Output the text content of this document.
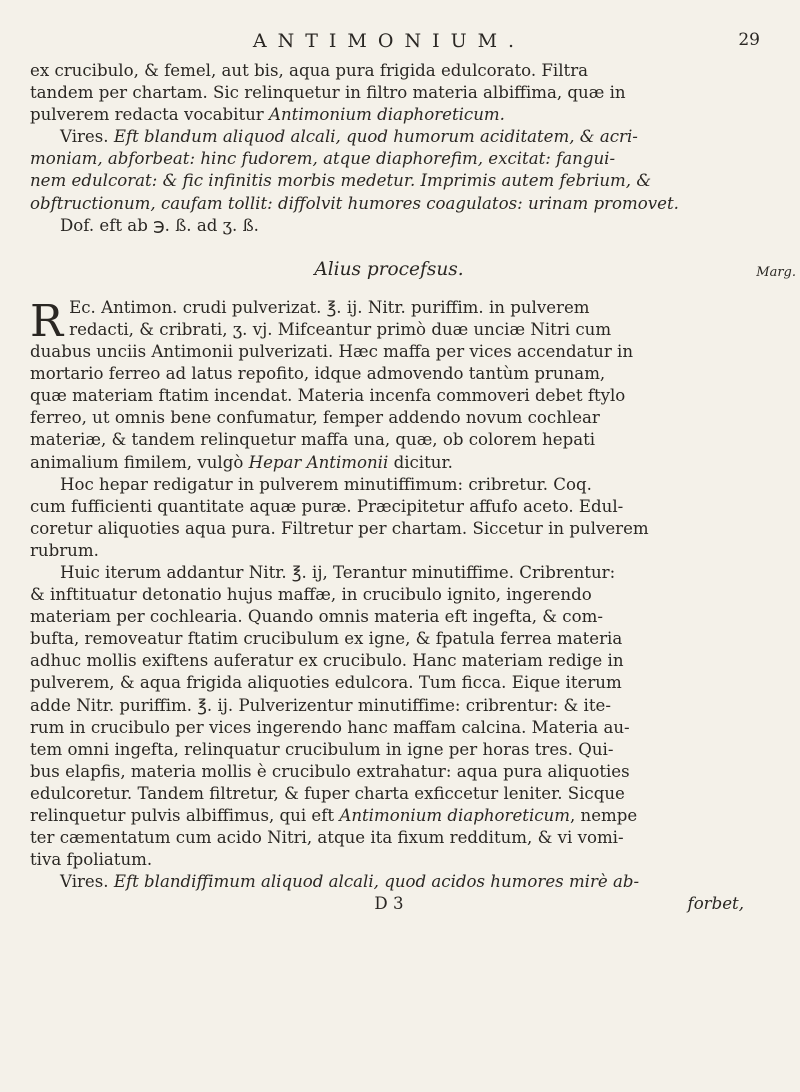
ANTIMONIUM.	29

ex crucibulo, & femel, aut bis, aqua pura frigida edulcorato. Filtra
tandem per chartam. Sic relinquetur in filtro materia albiffima, quæ in
pulverem redacta vocabitur Antimonium diaphoreticum.

Vires. Eft blandum aliquod alcali, quod humorum aciditatem, & acri-
moniam, abforbeat: hinc fudorem, atque diaphorefim, excitat: fangui-
nem edulcorat: & fic infinitis morbis medetur. Imprimis autem febrium, &
obftructionum, caufam tollit: diffolvit humores coagulatos: urinam promovet.

Dof. eft ab ℈. ß. ad ʒ. ß.

Alius procefsus.

R Ec. Antimon. crudi pulverizat. ℥. ij. Nitr. puriffim. in pulverem
redacti, & cribrati, ʒ. vj. Mifceantur primò duæ unciæ Nitri cum
duabus unciis Antimonii pulverizati. Hæc maffa per vices accendatur in
mortario ferreo ad latus repofito, idque admovendo tantùm prunam,
quæ materiam ftatim incendat. Materia incenfa commoveri debet ftylo
ferreo, ut omnis bene confumatur, femper addendo novum cochlear
materiæ, & tandem relinquetur maffa una, quæ, ob colorem hepati
animalium fimilem, vulgò Hepar Antimonii dicitur.

Hoc hepar redigatur in pulverem minutiffimum: cribretur. Coq.
cum fufficienti quantitate aquæ puræ. Præcipitetur affufo aceto. Edul-
coretur aliquoties aqua pura. Filtretur per chartam. Siccetur in pulverem
rubrum.

Huic iterum addantur Nitr. ℥. ij, Terantur minutiffime. Cribrentur:
& inftituatur detonatio hujus maffæ, in crucibulo ignito, ingerendo
materiam per cochlearia. Quando omnis materia eft ingefta, & com-
bufta, removeatur ftatim crucibulum ex igne, & fpatula ferrea materia
adhuc mollis exiftens auferatur ex crucibulo. Hanc materiam redige in
pulverem, & aqua frigida aliquoties edulcora. Tum ficca. Eique iterum
adde Nitr. puriffim. ℥. ij. Pulverizentur minutiffime: cribrentur: & ite-
rum in crucibulo per vices ingerendo hanc maffam calcina. Materia au-
tem omni ingefta, relinquatur crucibulum in igne per horas tres. Qui-
bus elapfis, materia mollis è crucibulo extrahatur: aqua pura aliquoties
edulcoretur. Tandem filtretur, & fuper charta exficcetur leniter. Sicque
relinquetur pulvis albiffimus, qui eft Antimonium diaphoreticum, nempe
ter cæmentatum cum acido Nitri, atque ita fixum redditum, & vi vomi-
tiva fpoliatum.

Vires. Eft blandiffimum aliquod alcali, quod acidos humores mirè ab-

D 3	forbet,
Marg.
